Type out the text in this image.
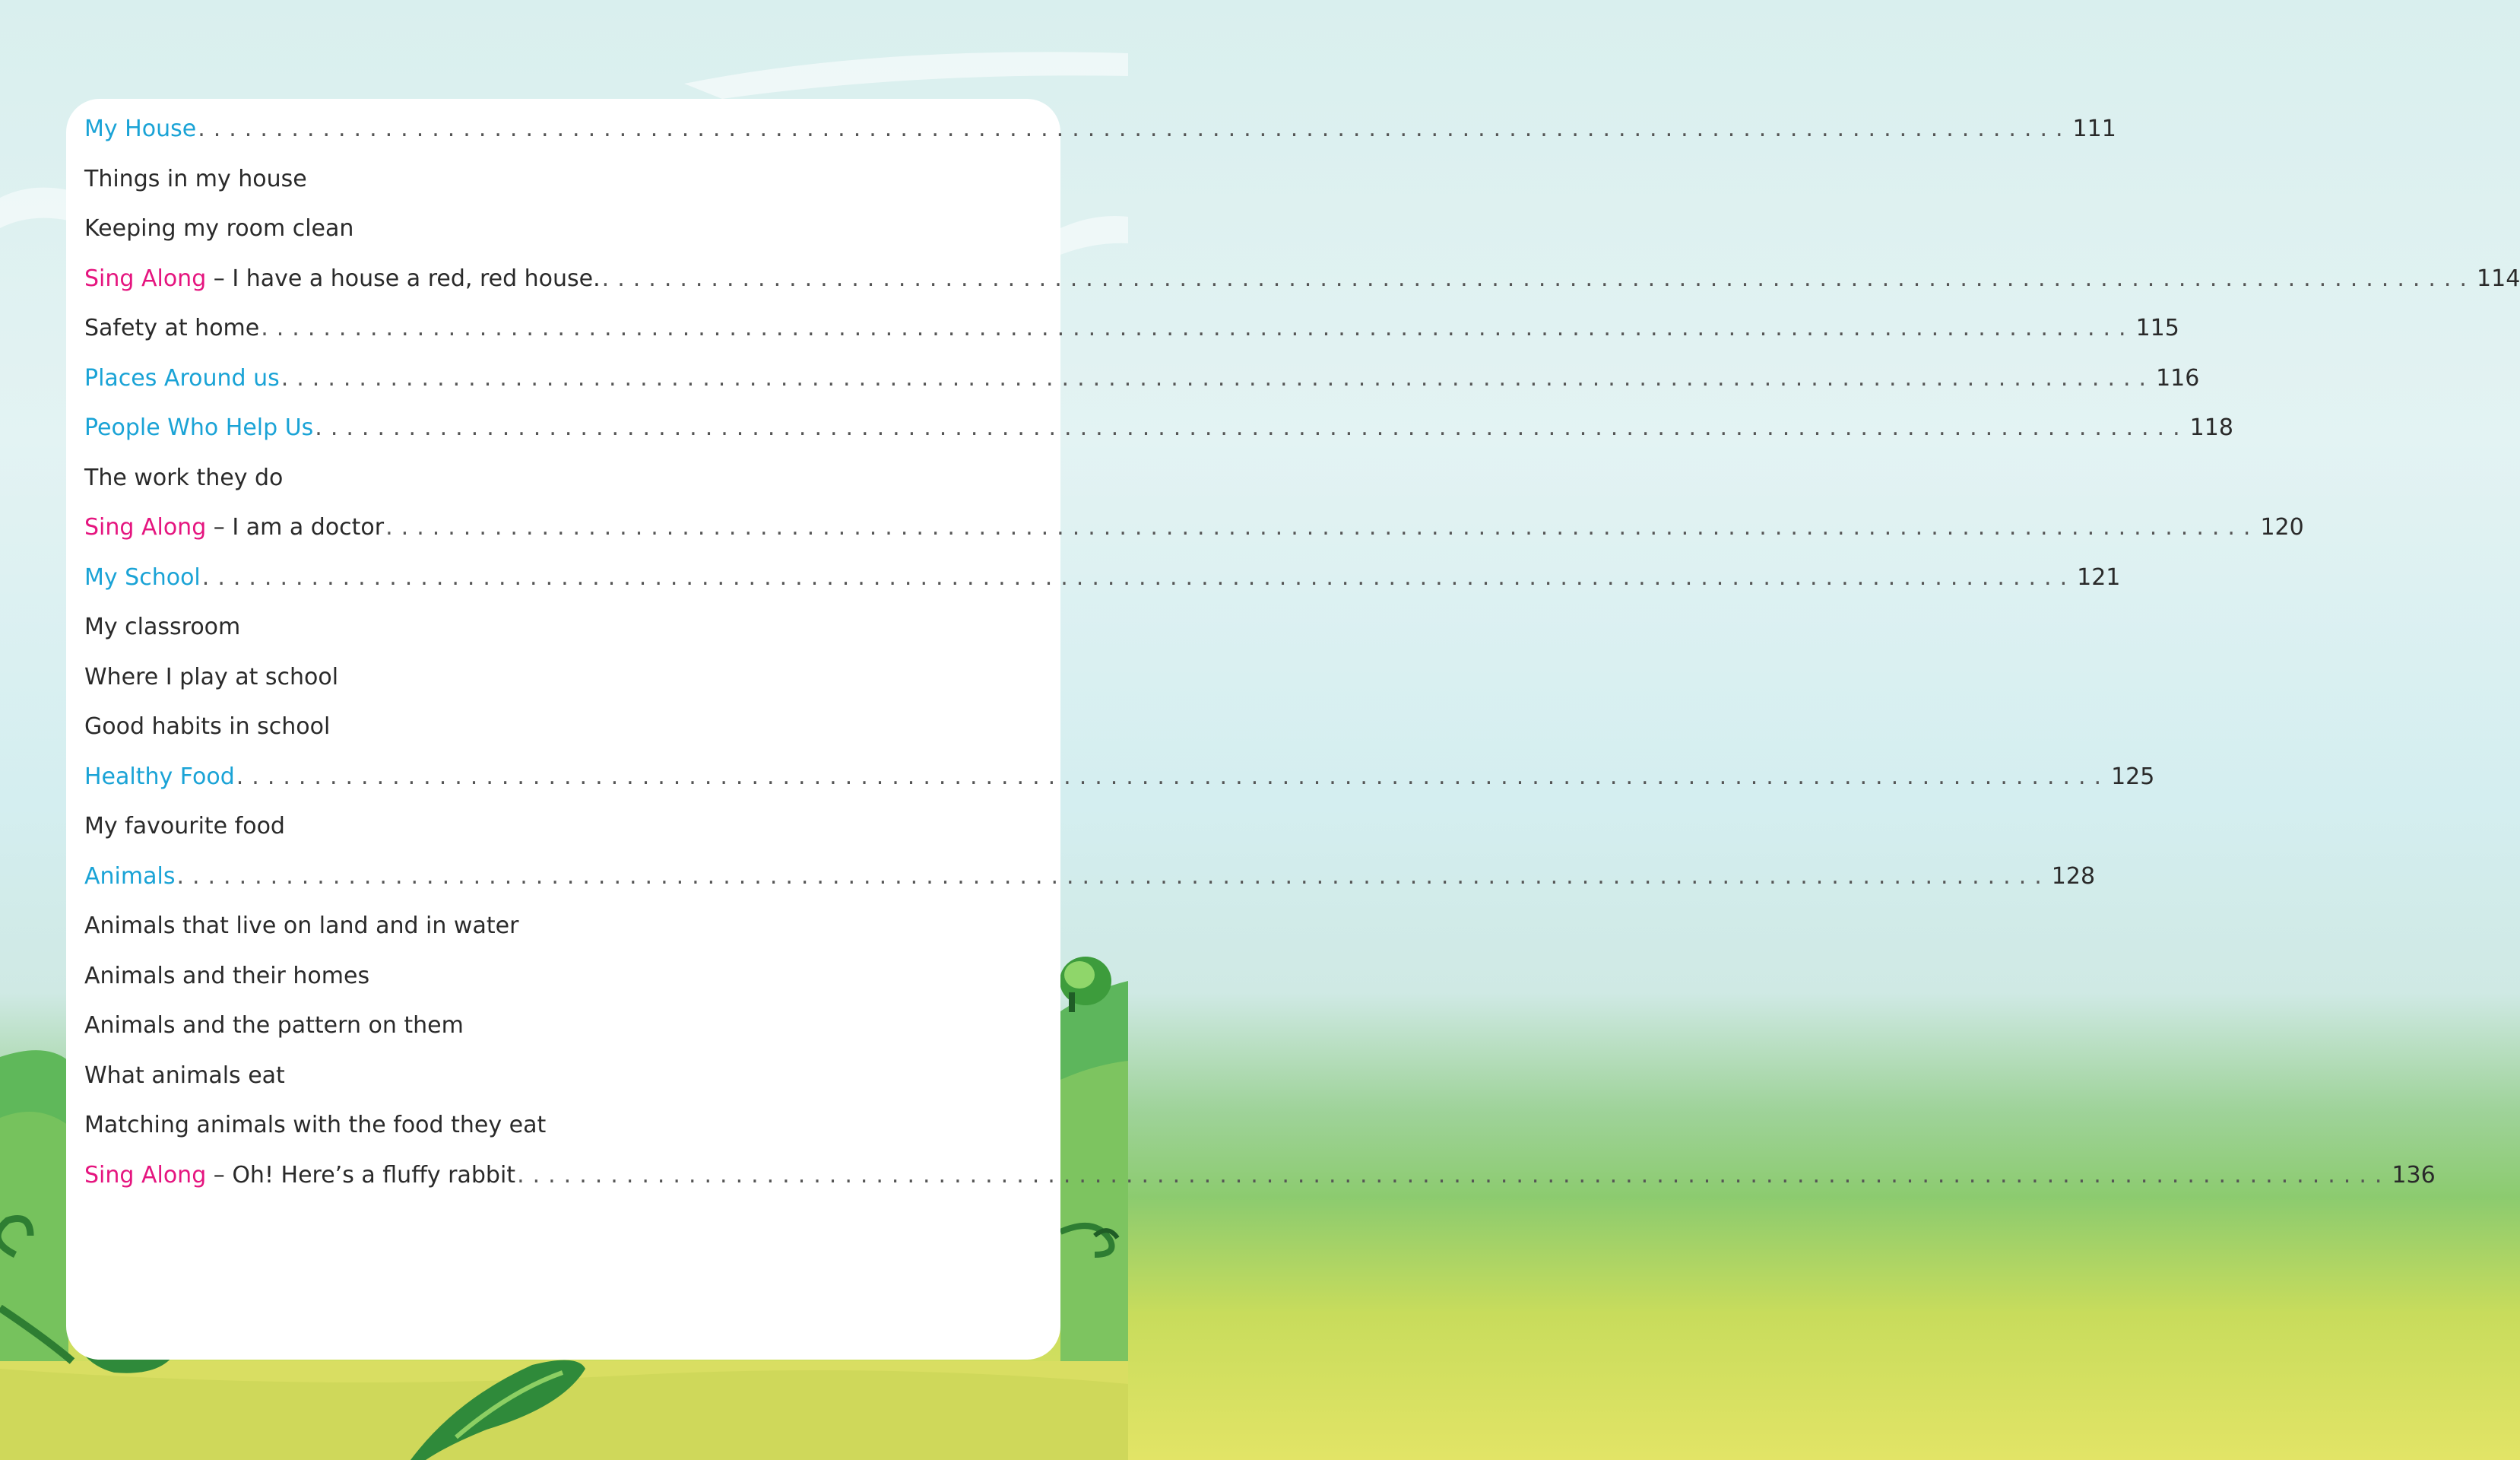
My House ........................................................................................................................ 111
Things in my house
Keeping my room clean
Sing Along – I have a house a red, red house. ........................................................................................................................ 114
Safety at home ........................................................................................................................ 115
Places Around us ........................................................................................................................ 116
People Who Help Us ........................................................................................................................ 118
The work they do
Sing Along – I am a doctor ........................................................................................................................ 120
My School ........................................................................................................................ 121
My classroom
Where I play at school
Good habits in school
Healthy Food ........................................................................................................................ 125
My favourite food
Animals ........................................................................................................................ 128
Animals that live on land and in water
Animals and their homes
Animals and the pattern on them
What animals eat
Matching animals with the food they eat
Sing Along – Oh! Here’s a fluffy rabbit ........................................................................................................................ 136
